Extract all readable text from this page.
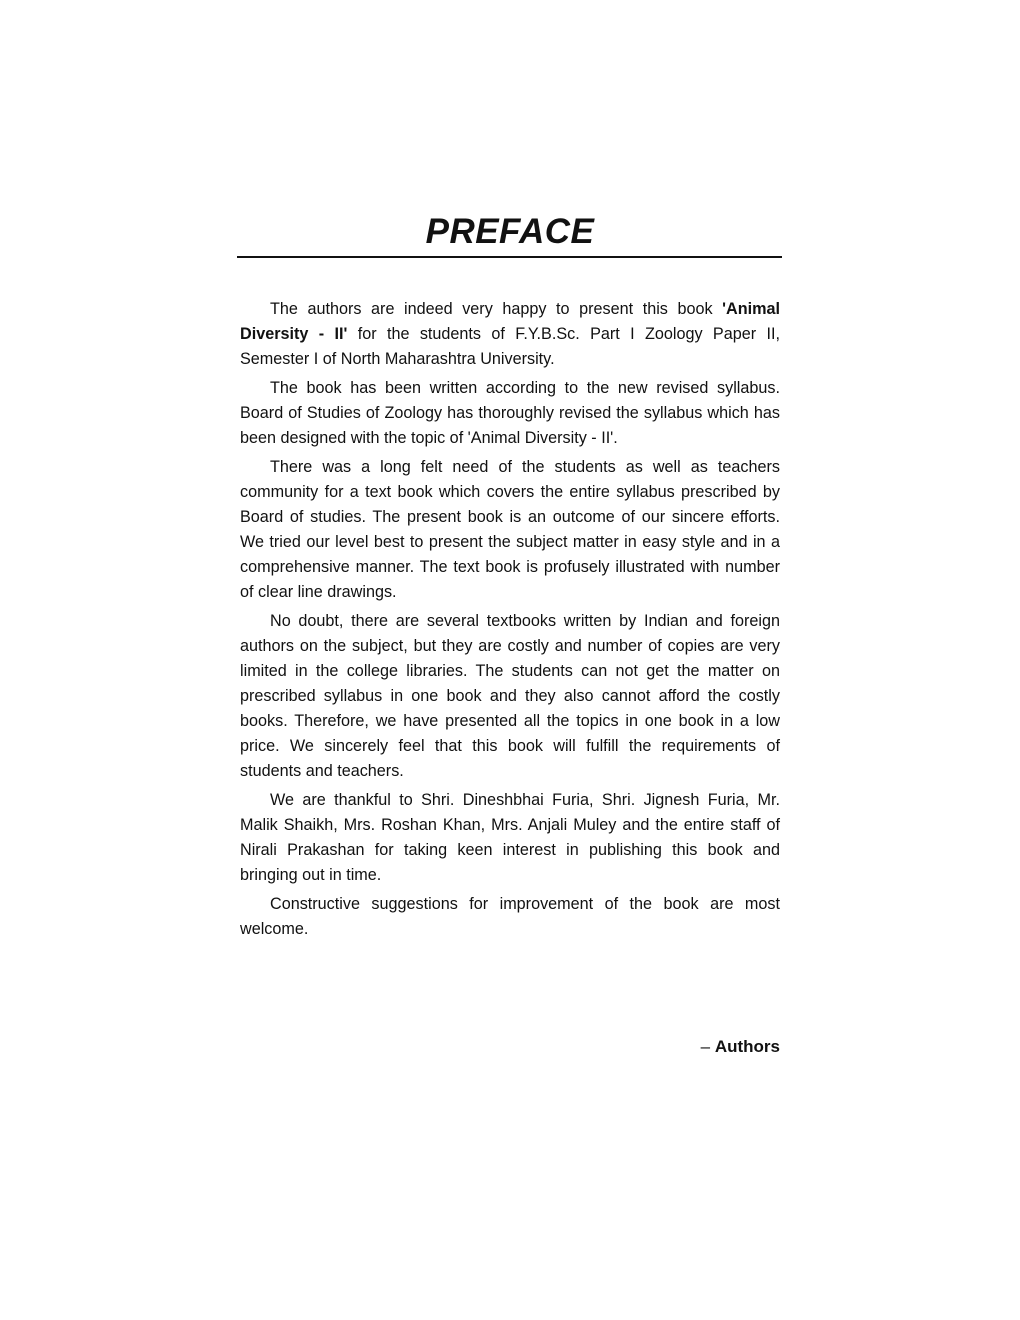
PREFACE

The authors are indeed very happy to present this book 'Animal Diversity - II' for the students of F.Y.B.Sc. Part I Zoology Paper II, Semester I of North Maharashtra University.

The book has been written according to the new revised syllabus. Board of Studies of Zoology has thoroughly revised the syllabus which has been designed with the topic of 'Animal Diversity - II'.

There was a long felt need of the students as well as teachers community for a text book which covers the entire syllabus prescribed by Board of studies. The present book is an outcome of our sincere efforts. We tried our level best to present the subject matter in easy style and in a comprehensive manner. The text book is profusely illustrated with number of clear line drawings.

No doubt, there are several textbooks written by Indian and foreign authors on the subject, but they are costly and number of copies are very limited in the college libraries. The students can not get the matter on prescribed syllabus in one book and they also cannot afford the costly books. Therefore, we have presented all the topics in one book in a low price. We sincerely feel that this book will fulfill the requirements of students and teachers.

We are thankful to Shri. Dineshbhai Furia, Shri. Jignesh Furia, Mr. Malik Shaikh, Mrs. Roshan Khan, Mrs. Anjali Muley and the entire staff of Nirali Prakashan for taking keen interest in publishing this book and bringing out in time.

Constructive suggestions for improvement of the book are most welcome.

– Authors
